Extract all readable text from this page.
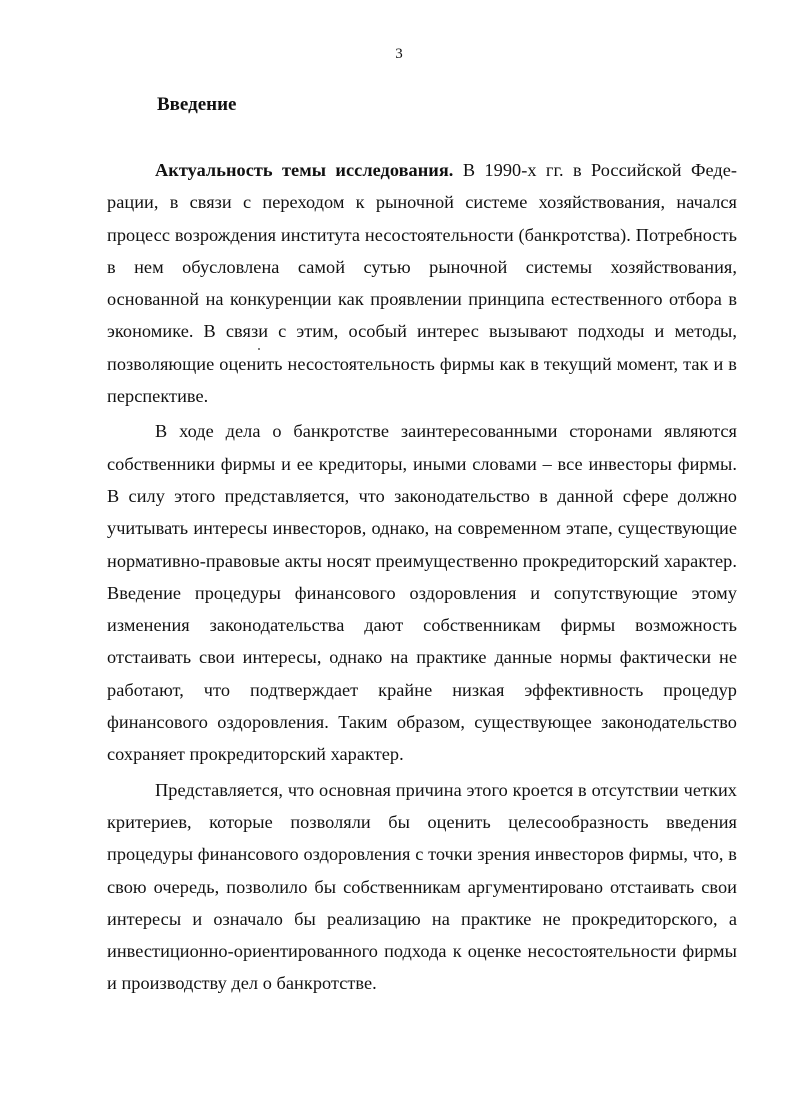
3
Введение

Актуальность темы исследования. В 1990-х гг. в Российской Федерации, в связи с переходом к рыночной системе хозяйствования, начался процесс возрождения института несостоятельности (банкротства). Потребность в нем обусловлена самой сутью рыночной системы хозяйствования, основанной на конкуренции как проявлении принципа естественного отбора в экономике. В связи с этим, особый интерес вызывают подходы и методы, позволяющие оценить несостоятельность фирмы как в текущий момент, так и в перспективе.

В ходе дела о банкротстве заинтересованными сторонами являются собственники фирмы и ее кредиторы, иными словами – все инвесторы фирмы. В силу этого представляется, что законодательство в данной сфере должно учитывать интересы инвесторов, однако, на современном этапе, существующие нормативно-правовые акты носят преимущественно прокредиторский характер. Введение процедуры финансового оздоровления и сопутствующие этому изменения законодательства дают собственникам фирмы возможность отстаивать свои интересы, однако на практике данные нормы фактически не работают, что подтверждает крайне низкая эффективность процедур финансового оздоровления. Таким образом, существующее законодательство сохраняет прокредиторский характер.

Представляется, что основная причина этого кроется в отсутствии четких критериев, которые позволяли бы оценить целесообразность введения процедуры финансового оздоровления с точки зрения инвесторов фирмы, что, в свою очередь, позволило бы собственникам аргументировано отстаивать свои интересы и означало бы реализацию на практике не прокредиторского, а инвестиционно-ориентированного подхода к оценке несостоятельности фирмы и производству дел о банкротстве.
